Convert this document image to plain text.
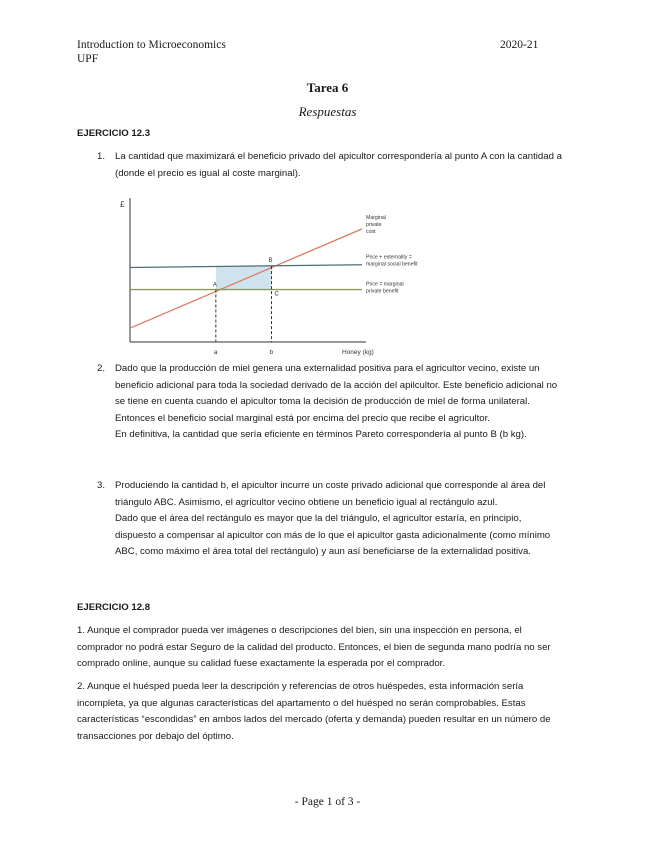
Introduction to Microeconomics
UPF
2020-21
Tarea 6
Respuestas
EJERCICIO 12.3
1. La cantidad que maximizará el beneficio privado del apicultor correspondería al punto A con la cantidad a (donde el precio es igual al coste marginal).
£
Honey (kg)
a	b
A
B
C
Marginal
private
cost
Price + externality =
marginal social benefit
Price = marginal
private benefit
2. Dado que la producción de miel genera una externalidad positiva para el agricultor vecino, existe un beneficio adicional para toda la sociedad derivado de la acción del apilcultor. Este beneficio adicional no se tiene en cuenta cuando el apicultor toma la decisión de producción de miel de forma unilateral. Entonces el beneficio social marginal está por encima del precio que recibe el agricultor.
En definitiva, la cantidad que sería eficiente en términos Pareto correspondería al punto B (b kg).
3. Produciendo la cantidad b, el apicultor incurre un coste privado adicional que corresponde al área del triángulo ABC. Asimismo, el agricultor vecino obtiene un beneficio igual al rectángulo azul.
Dado que el área del rectángulo es mayor que la del triángulo, el agricultor estaría, en principio, dispuesto a compensar al apicultor con más de lo que el apicultor gasta adicionalmente (como mínimo ABC, como máximo el área total del rectángulo) y aun así beneficiarse de la externalidad positiva.
EJERCICIO 12.8
1. Aunque el comprador pueda ver imágenes o descripciones del bien, sin una inspección en persona, el comprador no podrá estar Seguro de la calidad del producto. Entonces, el bien de segunda mano podría no ser comprado online, aunque su calidad fuese exactamente la esperada por el comprador.
2. Aunque el huésped pueda leer la descripción y referencias de otros huéspedes, esta información sería incompleta, ya que algunas características del apartamento o del huésped no serán comprobables. Estas características “escondidas” en ambos lados del mercado (oferta y demanda) pueden resultar en un número de transacciones por debajo del óptimo.
- Page 1 of 3 -
